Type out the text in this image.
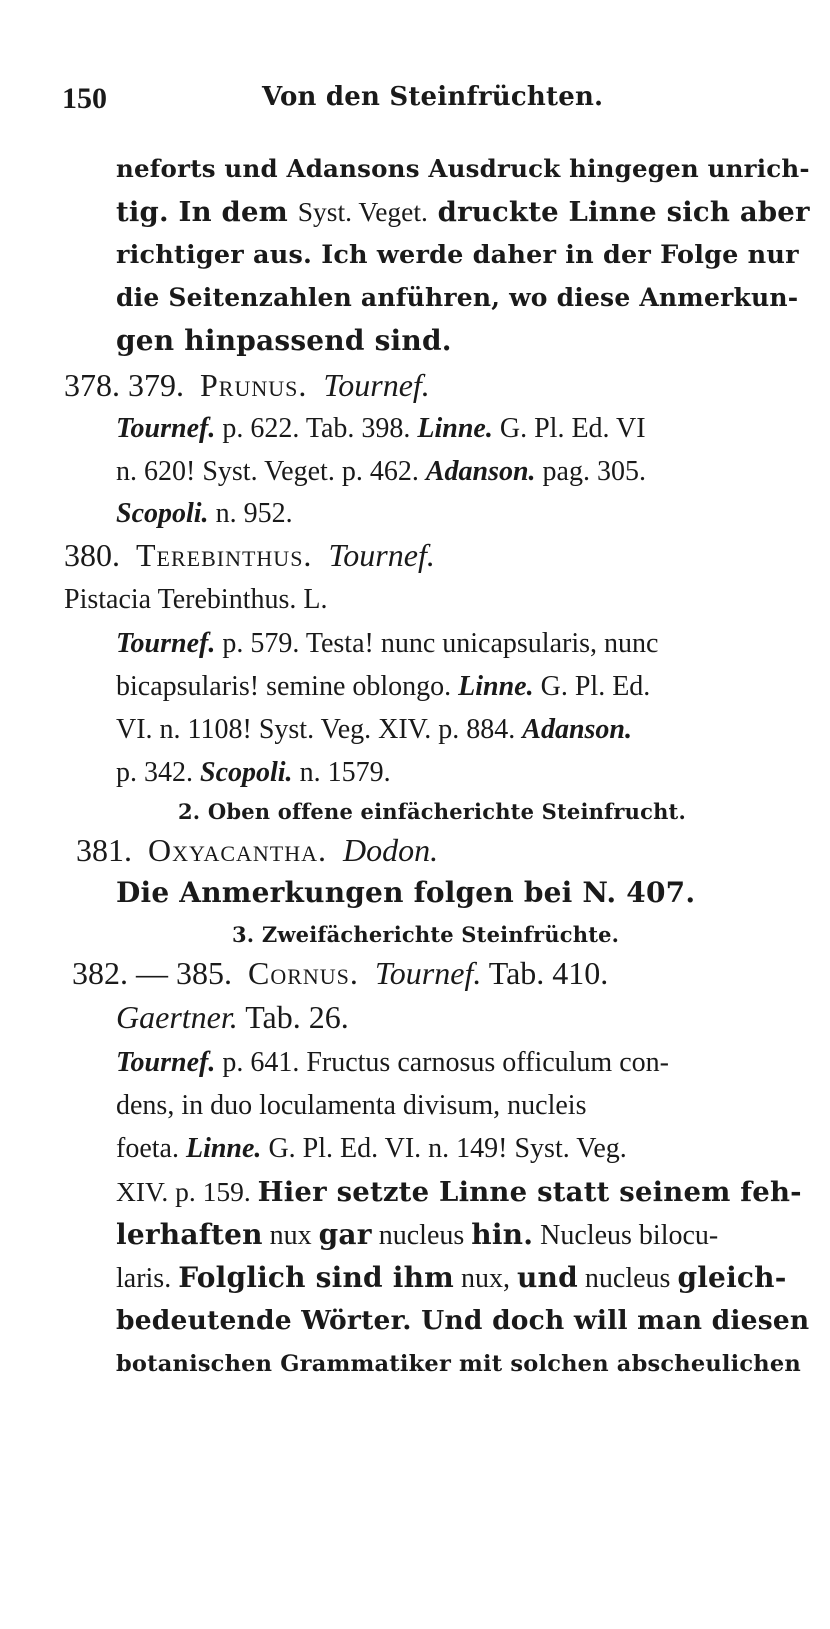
150	Von den Steinfrüchten.
neforts und Adansons Ausdruck hingegen unrich-
tig. In dem Syst. Veget. druckte Linne sich aber
richtiger aus. Ich werde daher in der Folge nur
die Seitenzahlen anführen, wo diese Anmerkun-
gen hinpassend sind.
378. 379. Prunus. Tournef.
Tournef. p. 622. Tab. 398. Linne. G. Pl. Ed. VI
n. 620! Syst. Veget. p. 462. Adanson. pag. 305.
Scopoli. n. 952.
380. Terebinthus. Tournef.
Pistacia Terebinthus. L.
Tournef. p. 579. Testa! nunc unicapsularis, nunc
bicapsularis! semine oblongo. Linne. G. Pl. Ed.
VI. n. 1108! Syst. Veg. XIV. p. 884. Adanson.
p. 342. Scopoli. n. 1579.
2. Oben offene einfächerichte Steinfrucht.
381. Oxyacantha. Dodon.
Die Anmerkungen folgen bei N. 407.
3. Zweifächerichte Steinfrüchte.
382. — 385. Cornus. Tournef. Tab. 410.
Gaertner. Tab. 26.
Tournef. p. 641. Fructus carnosus officulum con-
dens, in duo loculamenta divisum, nucleis
foeta. Linne. G. Pl. Ed. VI. n. 149! Syst. Veg.
XIV. p. 159. Hier setzte Linne statt seinem feh-
lerhaften nux gar nucleus hin. Nucleus bilocu-
laris. Folglich sind ihm nux, und nucleus gleich-
bedeutende Wörter. Und doch will man diesen
botanischen Grammatiker mit solchen abscheulichen
